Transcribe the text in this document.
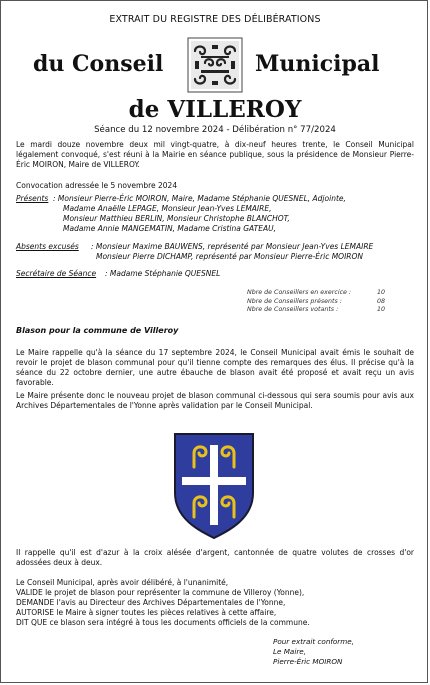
EXTRAIT DU REGISTRE DES DÉLIBÉRATIONS
du Conseil	Municipal
de VILLEROY
Séance du 12 novembre 2024 - Délibération n° 77/2024
Le mardi douze novembre deux mil vingt-quatre, à dix-neuf heures trente, le Conseil Municipal légalement convoqué, s'est réuni à la Mairie en séance publique, sous la présidence de Monsieur Pierre-Éric MOIRON, Maire de VILLEROY.
Convocation adressée le 5 novembre 2024
Présents : Monsieur Pierre-Éric MOIRON, Maire, Madame Stéphanie QUESNEL, Adjointe,
Madame Anaëlle LEPAGE, Monsieur Jean-Yves LEMAIRE,
Monsieur Matthieu BERLIN, Monsieur Christophe BLANCHOT,
Madame Annie MANGEMATIN, Madame Cristina GATEAU,
Absents excusés : Monsieur Maxime BAUWENS, représenté par Monsieur Jean-Yves LEMAIRE
Monsieur Pierre DICHAMP, représenté par Monsieur Pierre-Éric MOIRON
Secrétaire de Séance : Madame Stéphanie QUESNEL
Nbre de Conseillers en exercice :	10
Nbre de Conseillers présents :	08
Nbre de Conseillers votants :	10
Blason pour la commune de Villeroy
Le Maire rappelle qu'à la séance du 17 septembre 2024, le Conseil Municipal avait émis le souhait de revoir le projet de blason communal pour qu'il tienne compte des remarques des élus. Il précise qu'à la séance du 22 octobre dernier, une autre ébauche de blason avait été proposé et avait reçu un avis favorable.
Le Maire présente donc le nouveau projet de blason communal ci-dessous qui sera soumis pour avis aux Archives Départementales de l'Yonne après validation par le Conseil Municipal.
Il rappelle qu'il est d'azur à la croix alésée d'argent, cantonnée de quatre volutes de crosses d'or adossées deux à deux.
Le Conseil Municipal, après avoir délibéré, à l'unanimité,
VALIDE le projet de blason pour représenter la commune de Villeroy (Yonne),
DEMANDE l'avis au Directeur des Archives Départementales de l'Yonne,
AUTORISE le Maire à signer toutes les pièces relatives à cette affaire,
DIT QUE ce blason sera intégré à tous les documents officiels de la commune.
Pour extrait conforme,
Le Maire,
Pierre-Éric MOIRON
